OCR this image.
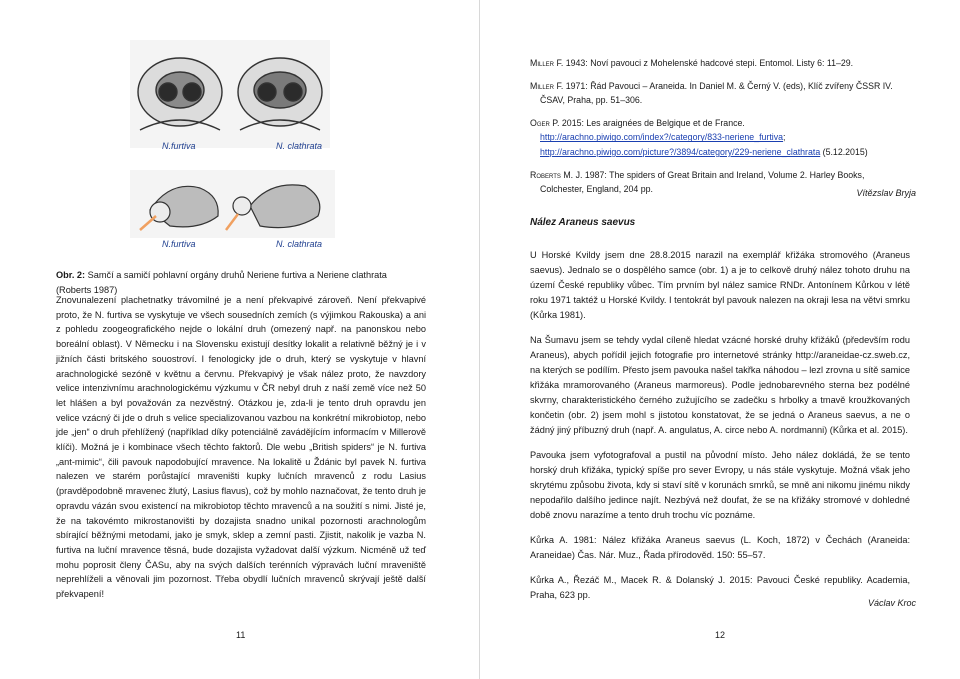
N.furtiva	N. clathrata
N.furtiva	N. clathrata
Obr. 2: Samčí a samičí pohlavní orgány druhů Neriene furtiva a Neriene clathrata (Roberts 1987)

Znovunalezení plachetnatky trávomilné je a není překvapivé zároveň. Není překvapivé proto, že N. furtiva se vyskytuje ve všech sousedních zemích (s výjimkou Rakouska) a ani z pohledu zoogeografického nejde o lokální druh (omezený např. na panonskou nebo boreální oblast). V Německu i na Slovensku existují desítky lokalit a relativně běžný je i v jižních části britského souostroví. I fenologicky jde o druh, který se vyskytuje v hlavní arachnologické sezóně v květnu a červnu. Překvapivý je však nález proto, že navzdory velice intenzivnímu arachnologickému výzkumu v ČR nebyl druh z naší země více než 50 let hlášen a byl považován za nezvěstný. Otázkou je, zda-li je tento druh opravdu jen velice vzácný či jde o druh s velice specializovanou vazbou na konkrétní mikrobiotop, nebo jde „jen“ o druh přehlížený (například díky potenciálně zavádějícím informacím v Millerově klíči). Možná je i kombinace všech těchto faktorů. Dle webu „British spiders“ je N. furtiva „ant-mimic“, čili pavouk napodobující mravence. Na lokalitě u Ždánic byl pavek N. furtiva nalezen ve starém porůstající mraveništi kupky lučních mravenců z rodu Lasius (pravděpodobně mravenec žlutý, Lasius flavus), což by mohlo naznačovat, že tento druh je opravdu vázán svou existencí na mikrobiotop těchto mravenců a na soužití s nimi. Jisté je, že na takovémto mikrostanovišti by dozajista snadno unikal pozornosti arachnologům sbírající běžnými metodami, jako je smyk, sklep a zemní pasti. Zjistit, nakolik je vazba N. furtiva na luční mravence těsná, bude dozajista vyžadovat další výzkum. Nicméně už teď mohu poprosit členy ČASu, aby na svých dalších terénních výpravách luční mraveniště neprehlíželi a věnovali jim pozornost. Třeba obydlí lučních mravenců skrývají ještě další překvapení!

11
Miller F. 1943: Noví pavouci z Mohelenské hadcové stepi. Entomol. Listy 6: 11–29.
Miller F. 1971: Řád Pavouci – Araneida. In Daniel M. & Černý V. (eds), Klíč zvířeny ČSSR IV. ČSAV, Praha, pp. 51–306.
Oger P. 2015: Les araignées de Belgique et de France.
http://arachno.piwigo.com/index?/category/833-neriene_furtiva;
http://arachno.piwigo.com/picture?/3894/category/229-neriene_clathrata (5.12.2015)
Roberts M. J. 1987: The spiders of Great Britain and Ireland, Volume 2. Harley Books, Colchester, England, 204 pp.	Vítězslav Bryja
Nález Araneus saevus

U Horské Kvildy jsem dne 28.8.2015 narazil na exemplář křižáka stromového (Araneus saevus). Jednalo se o dospělého samce (obr. 1) a je to celkově druhý nález tohoto druhu na území České republiky vůbec. Tím prvním byl nález samice RNDr. Antonínem Kůrkou v létě roku 1971 taktéž u Horské Kvildy. I tentokrát byl pavouk nalezen na okraji lesa na větvi smrku (Kůrka 1981).

Na Šumavu jsem se tehdy vydal cíleně hledat vzácné horské druhy křižáků (především rodu Araneus), abych pořídil jejich fotografie pro internetové stránky http://araneidae-cz.sweb.cz, na kterých se podílím. Přesto jsem pavouka našel takřka náhodou – lezl zrovna u sítě samice křižáka mramorovaného (Araneus marmoreus). Podle jednobarevného sterna bez podélné skvrny, charakteristického černého zužujícího se zadečku s hrbolky a tmavě kroužkovaných končetin (obr. 2) jsem mohl s jistotou konstatovat, že se jedná o Araneus saevus, a ne o žádný jiný příbuzný druh (např. A. angulatus, A. circe nebo A. nordmanni) (Kůrka et al. 2015).

Pavouka jsem vyfotografoval a pustil na původní místo. Jeho nález dokládá, že se tento horský druh křižáka, typický spíše pro sever Evropy, u nás stále vyskytuje. Možná však jeho skrytému způsobu života, kdy si staví sítě v korunách smrků, se mně ani nikomu jinému nikdy nepodařilo dalšího jedince najít. Nezbývá než doufat, že se na křižáky stromové v dohledné době znovu narazíme a tento druh trochu víc poznáme.

Kůrka A. 1981: Nález křižáka Araneus saevus (L. Koch, 1872) v Čechách (Araneida: Araneidae) Čas. Nár. Muz., Řada přírodověd. 150: 55–57.

Kůrka A., Řezáč M., Macek R. & Dolanský J. 2015: Pavouci České republiky. Academia, Praha, 623 pp.

Václav Kroc
12
